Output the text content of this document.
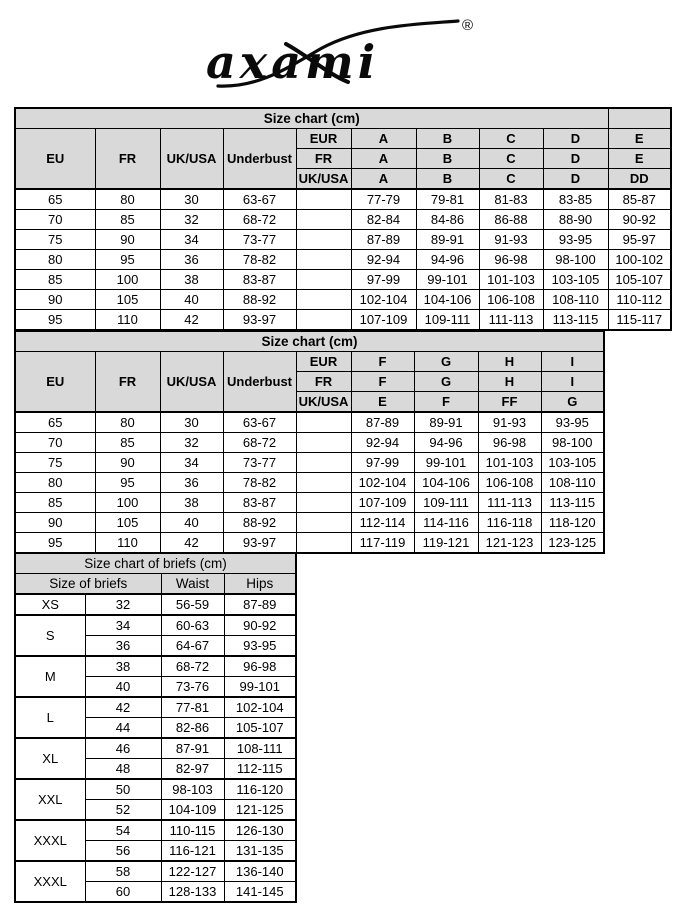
axami
®
Size chart (cm)									
EU	FR	UK/USA	Underbust	EUR	A	B	C	D	E
				FR	A	B	C	D	E
				UK/USA	A	B	C	D	DD
65	80	30	63-67		77-79	79-81	81-83	83-85	85-87
70	85	32	68-72		82-84	84-86	86-88	88-90	90-92
75	90	34	73-77		87-89	89-91	91-93	93-95	95-97
80	95	36	78-82		92-94	94-96	96-98	98-100	100-102
85	100	38	83-87		97-99	99-101	101-103	103-105	105-107
90	105	40	88-92		102-104	104-106	106-108	108-110	110-112
95	110	42	93-97		107-109	109-111	111-113	113-115	115-117
Size chart (cm)								
EU	FR	UK/USA	Underbust	EUR	F	G	H	I
				FR	F	G	H	I
				UK/USA	E	F	FF	G
65	80	30	63-67		87-89	89-91	91-93	93-95
70	85	32	68-72		92-94	94-96	96-98	98-100
75	90	34	73-77		97-99	99-101	101-103	103-105
80	95	36	78-82		102-104	104-106	106-108	108-110
85	100	38	83-87		107-109	109-111	111-113	113-115
90	105	40	88-92		112-114	114-116	116-118	118-120
95	110	42	93-97		117-119	119-121	121-123	123-125
Size chart of briefs (cm)			
Size of briefs		Waist	Hips
XS	32	56-59	87-89
S	34	60-63	90-92
	36	64-67	93-95
M	38	68-72	96-98
	40	73-76	99-101
L	42	77-81	102-104
	44	82-86	105-107
XL	46	87-91	108-111
	48	82-97	112-115
XXL	50	98-103	116-120
	52	104-109	121-125
XXXL	54	110-115	126-130
	56	116-121	131-135
XXXL	58	122-127	136-140
	60	128-133	141-145
